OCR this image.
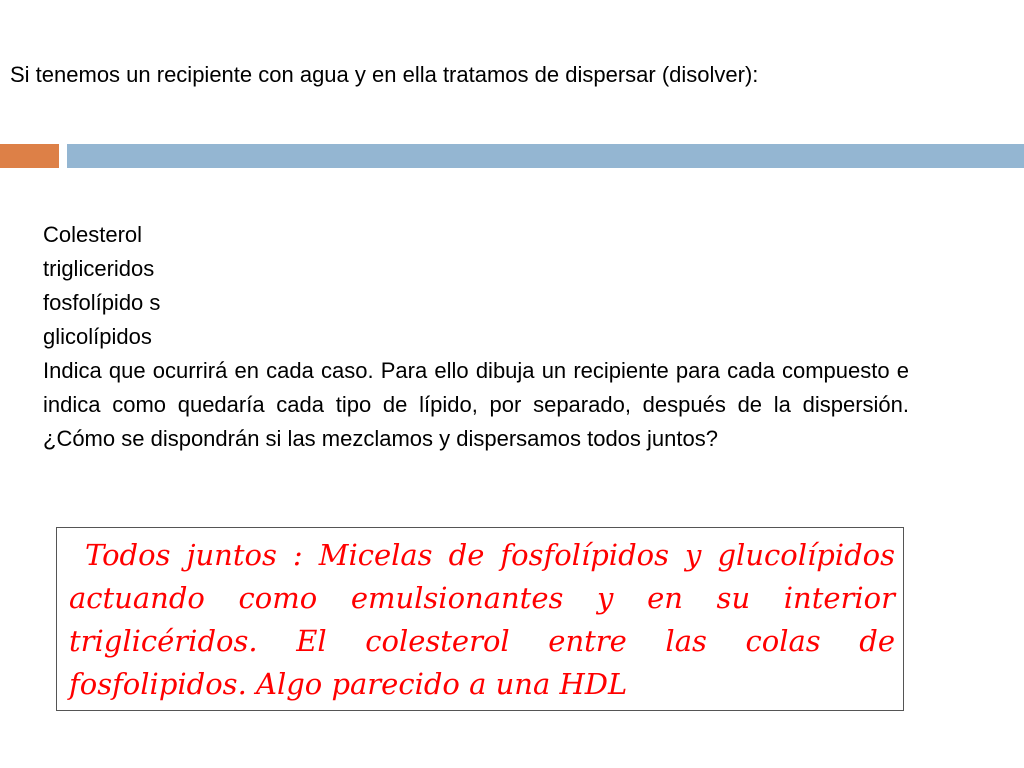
Si tenemos un recipiente con agua y en ella tratamos de dispersar (disolver):
Colesterol
trigliceridos
fosfolípido s
glicolípidos

Indica que ocurrirá en cada caso. Para ello dibuja un recipiente para cada compuesto e indica como quedaría cada tipo de lípido, por separado, después de la dispersión. ¿Cómo se dispondrán si las mezclamos y dispersamos todos juntos?

Todos juntos : Micelas de fosfolípidos y glucolípidos actuando como emulsionantes y en su interior triglicéridos. El colesterol entre las colas de fosfolipidos. Algo parecido a una HDL
